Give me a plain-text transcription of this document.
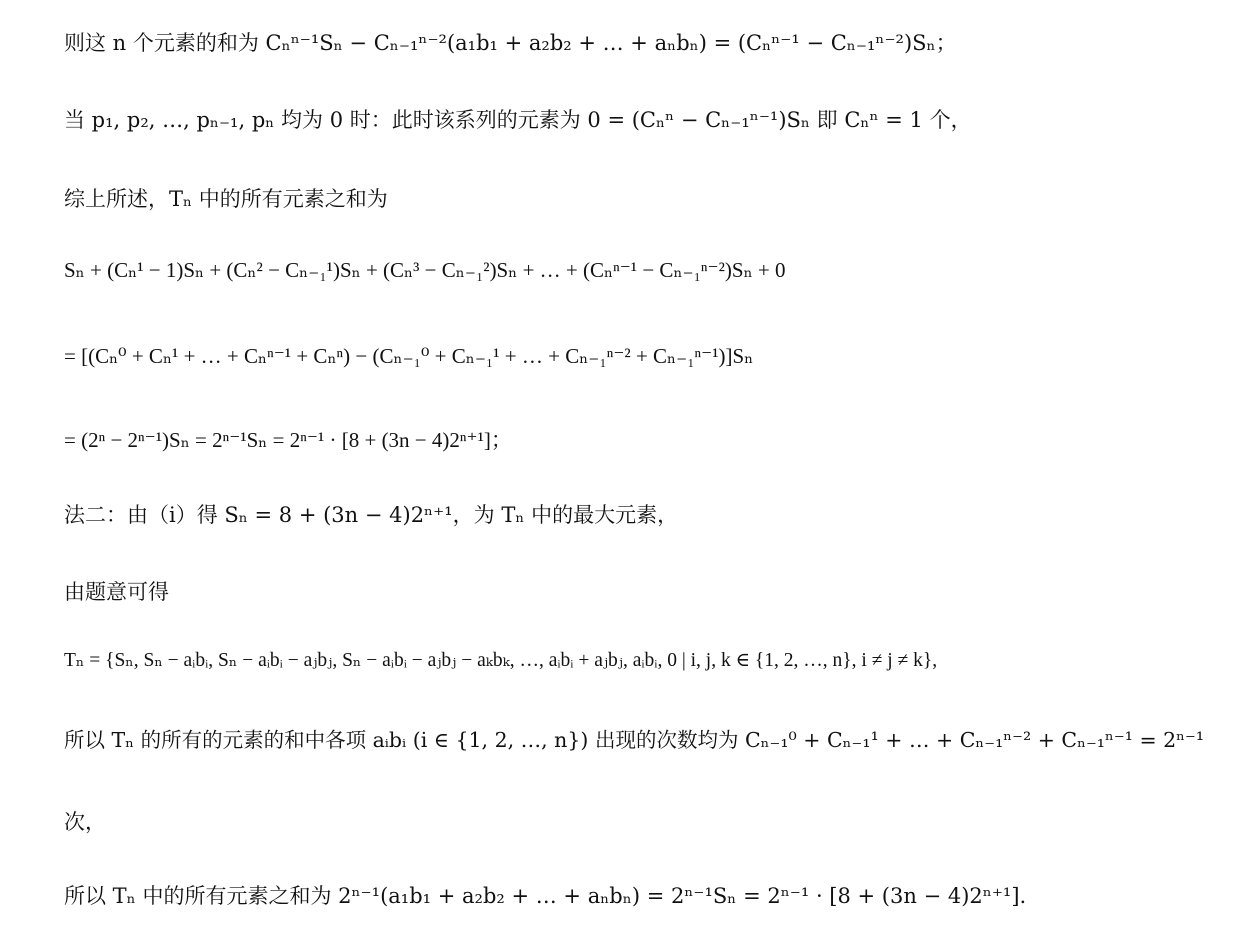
则这 n 个元素的和为 Cₙⁿ⁻¹Sₙ − Cₙ₋₁ⁿ⁻²(a₁b₁ + a₂b₂ + … + aₙbₙ) = (Cₙⁿ⁻¹ − Cₙ₋₁ⁿ⁻²)Sₙ；
当 p₁, p₂, …, pₙ₋₁, pₙ 均为 0 时：此时该系列的元素为 0 = (Cₙⁿ − Cₙ₋₁ⁿ⁻¹)Sₙ 即 Cₙⁿ = 1 个，
综上所述，Tₙ 中的所有元素之和为
Sₙ + (Cₙ¹ − 1)Sₙ + (Cₙ² − Cₙ₋₁¹)Sₙ + (Cₙ³ − Cₙ₋₁²)Sₙ + … + (Cₙⁿ⁻¹ − Cₙ₋₁ⁿ⁻²)Sₙ + 0
= [(Cₙ⁰ + Cₙ¹ + … + Cₙⁿ⁻¹ + Cₙⁿ) − (Cₙ₋₁⁰ + Cₙ₋₁¹ + … + Cₙ₋₁ⁿ⁻² + Cₙ₋₁ⁿ⁻¹)]Sₙ
= (2ⁿ − 2ⁿ⁻¹)Sₙ = 2ⁿ⁻¹Sₙ = 2ⁿ⁻¹ · [8 + (3n − 4)2ⁿ⁺¹]；
法二：由（i）得 Sₙ = 8 + (3n − 4)2ⁿ⁺¹，为 Tₙ 中的最大元素，
由题意可得
Tₙ = {Sₙ, Sₙ − aᵢbᵢ, Sₙ − aᵢbᵢ − aⱼbⱼ, Sₙ − aᵢbᵢ − aⱼbⱼ − aₖbₖ, …, aᵢbᵢ + aⱼbⱼ, aᵢbᵢ, 0 | i, j, k ∈ {1, 2, …, n}, i ≠ j ≠ k},
所以 Tₙ 的所有的元素的和中各项 aᵢbᵢ (i ∈ {1, 2, …, n}) 出现的次数均为 Cₙ₋₁⁰ + Cₙ₋₁¹ + … + Cₙ₋₁ⁿ⁻² + Cₙ₋₁ⁿ⁻¹ = 2ⁿ⁻¹
次，
所以 Tₙ 中的所有元素之和为 2ⁿ⁻¹(a₁b₁ + a₂b₂ + … + aₙbₙ) = 2ⁿ⁻¹Sₙ = 2ⁿ⁻¹ · [8 + (3n − 4)2ⁿ⁺¹].
